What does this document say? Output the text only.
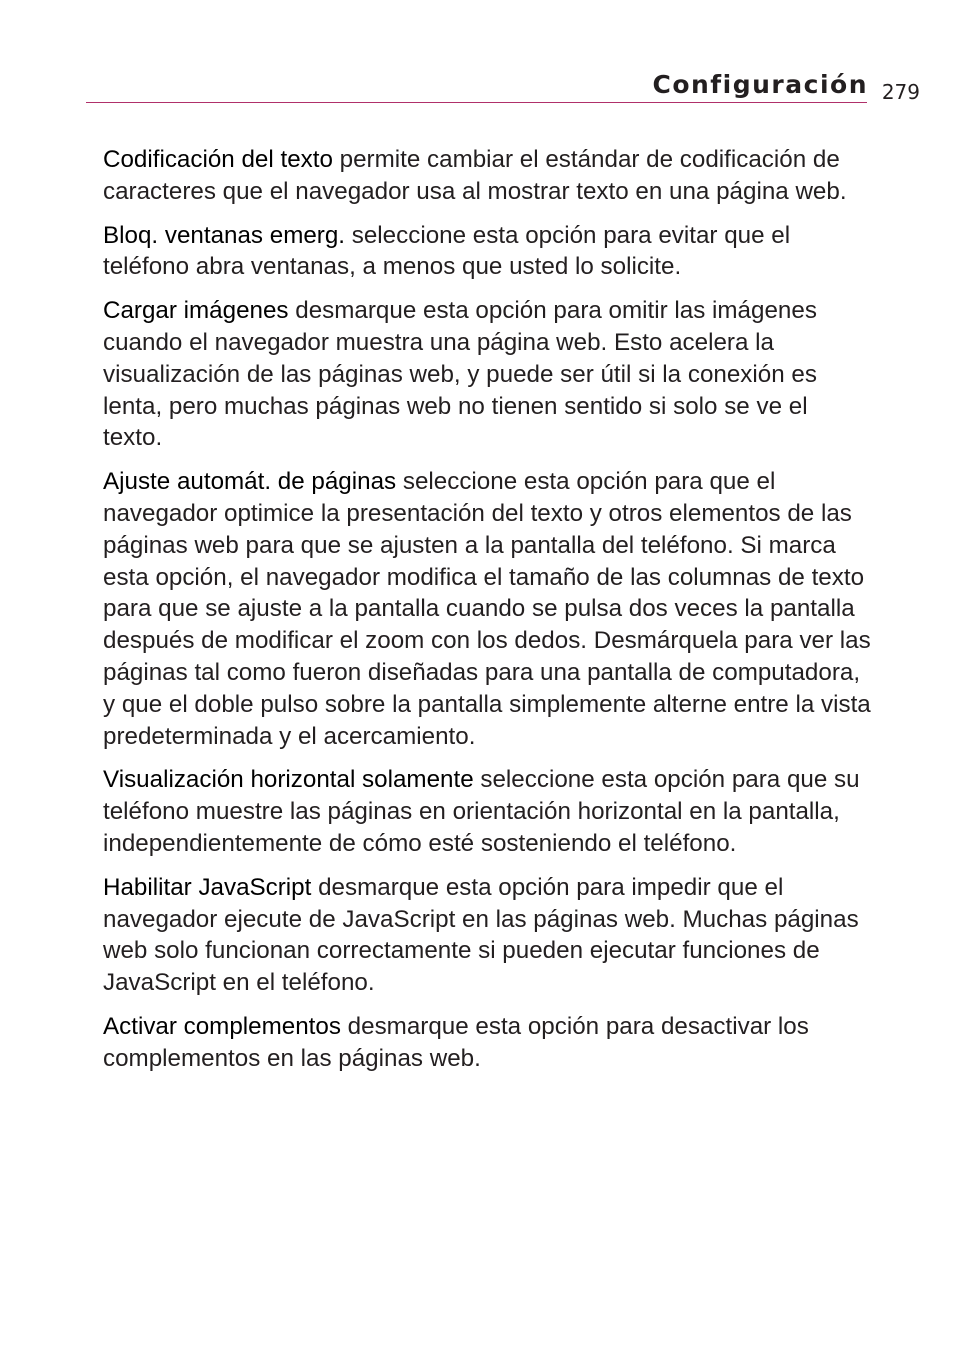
Configuración 279

Codificación del texto permite cambiar el estándar de codificación de caracteres que el navegador usa al mostrar texto en una página web.

Bloq. ventanas emerg. seleccione esta opción para evitar que el teléfono abra ventanas, a menos que usted lo solicite.

Cargar imágenes desmarque esta opción para omitir las imágenes cuando el navegador muestra una página web. Esto acelera la visualización de las páginas web, y puede ser útil si la conexión es lenta, pero muchas páginas web no tienen sentido si solo se ve el texto.

Ajuste automát. de páginas seleccione esta opción para que el navegador optimice la presentación del texto y otros elementos de las páginas web para que se ajusten a la pantalla del teléfono. Si marca esta opción, el navegador modifica el tamaño de las columnas de texto para que se ajuste a la pantalla cuando se pulsa dos veces la pantalla después de modificar el zoom con los dedos. Desmárquela para ver las páginas tal como fueron diseñadas para una pantalla de computadora, y que el doble pulso sobre la pantalla simplemente alterne entre la vista predeterminada y el acercamiento.

Visualización horizontal solamente seleccione esta opción para que su teléfono muestre las páginas en orientación horizontal en la pantalla, independientemente de cómo esté sosteniendo el teléfono.

Habilitar JavaScript desmarque esta opción para impedir que el navegador ejecute de JavaScript en las páginas web. Muchas páginas web solo funcionan correctamente si pueden ejecutar funciones de JavaScript en el teléfono.

Activar complementos desmarque esta opción para desactivar los complementos en las páginas web.
